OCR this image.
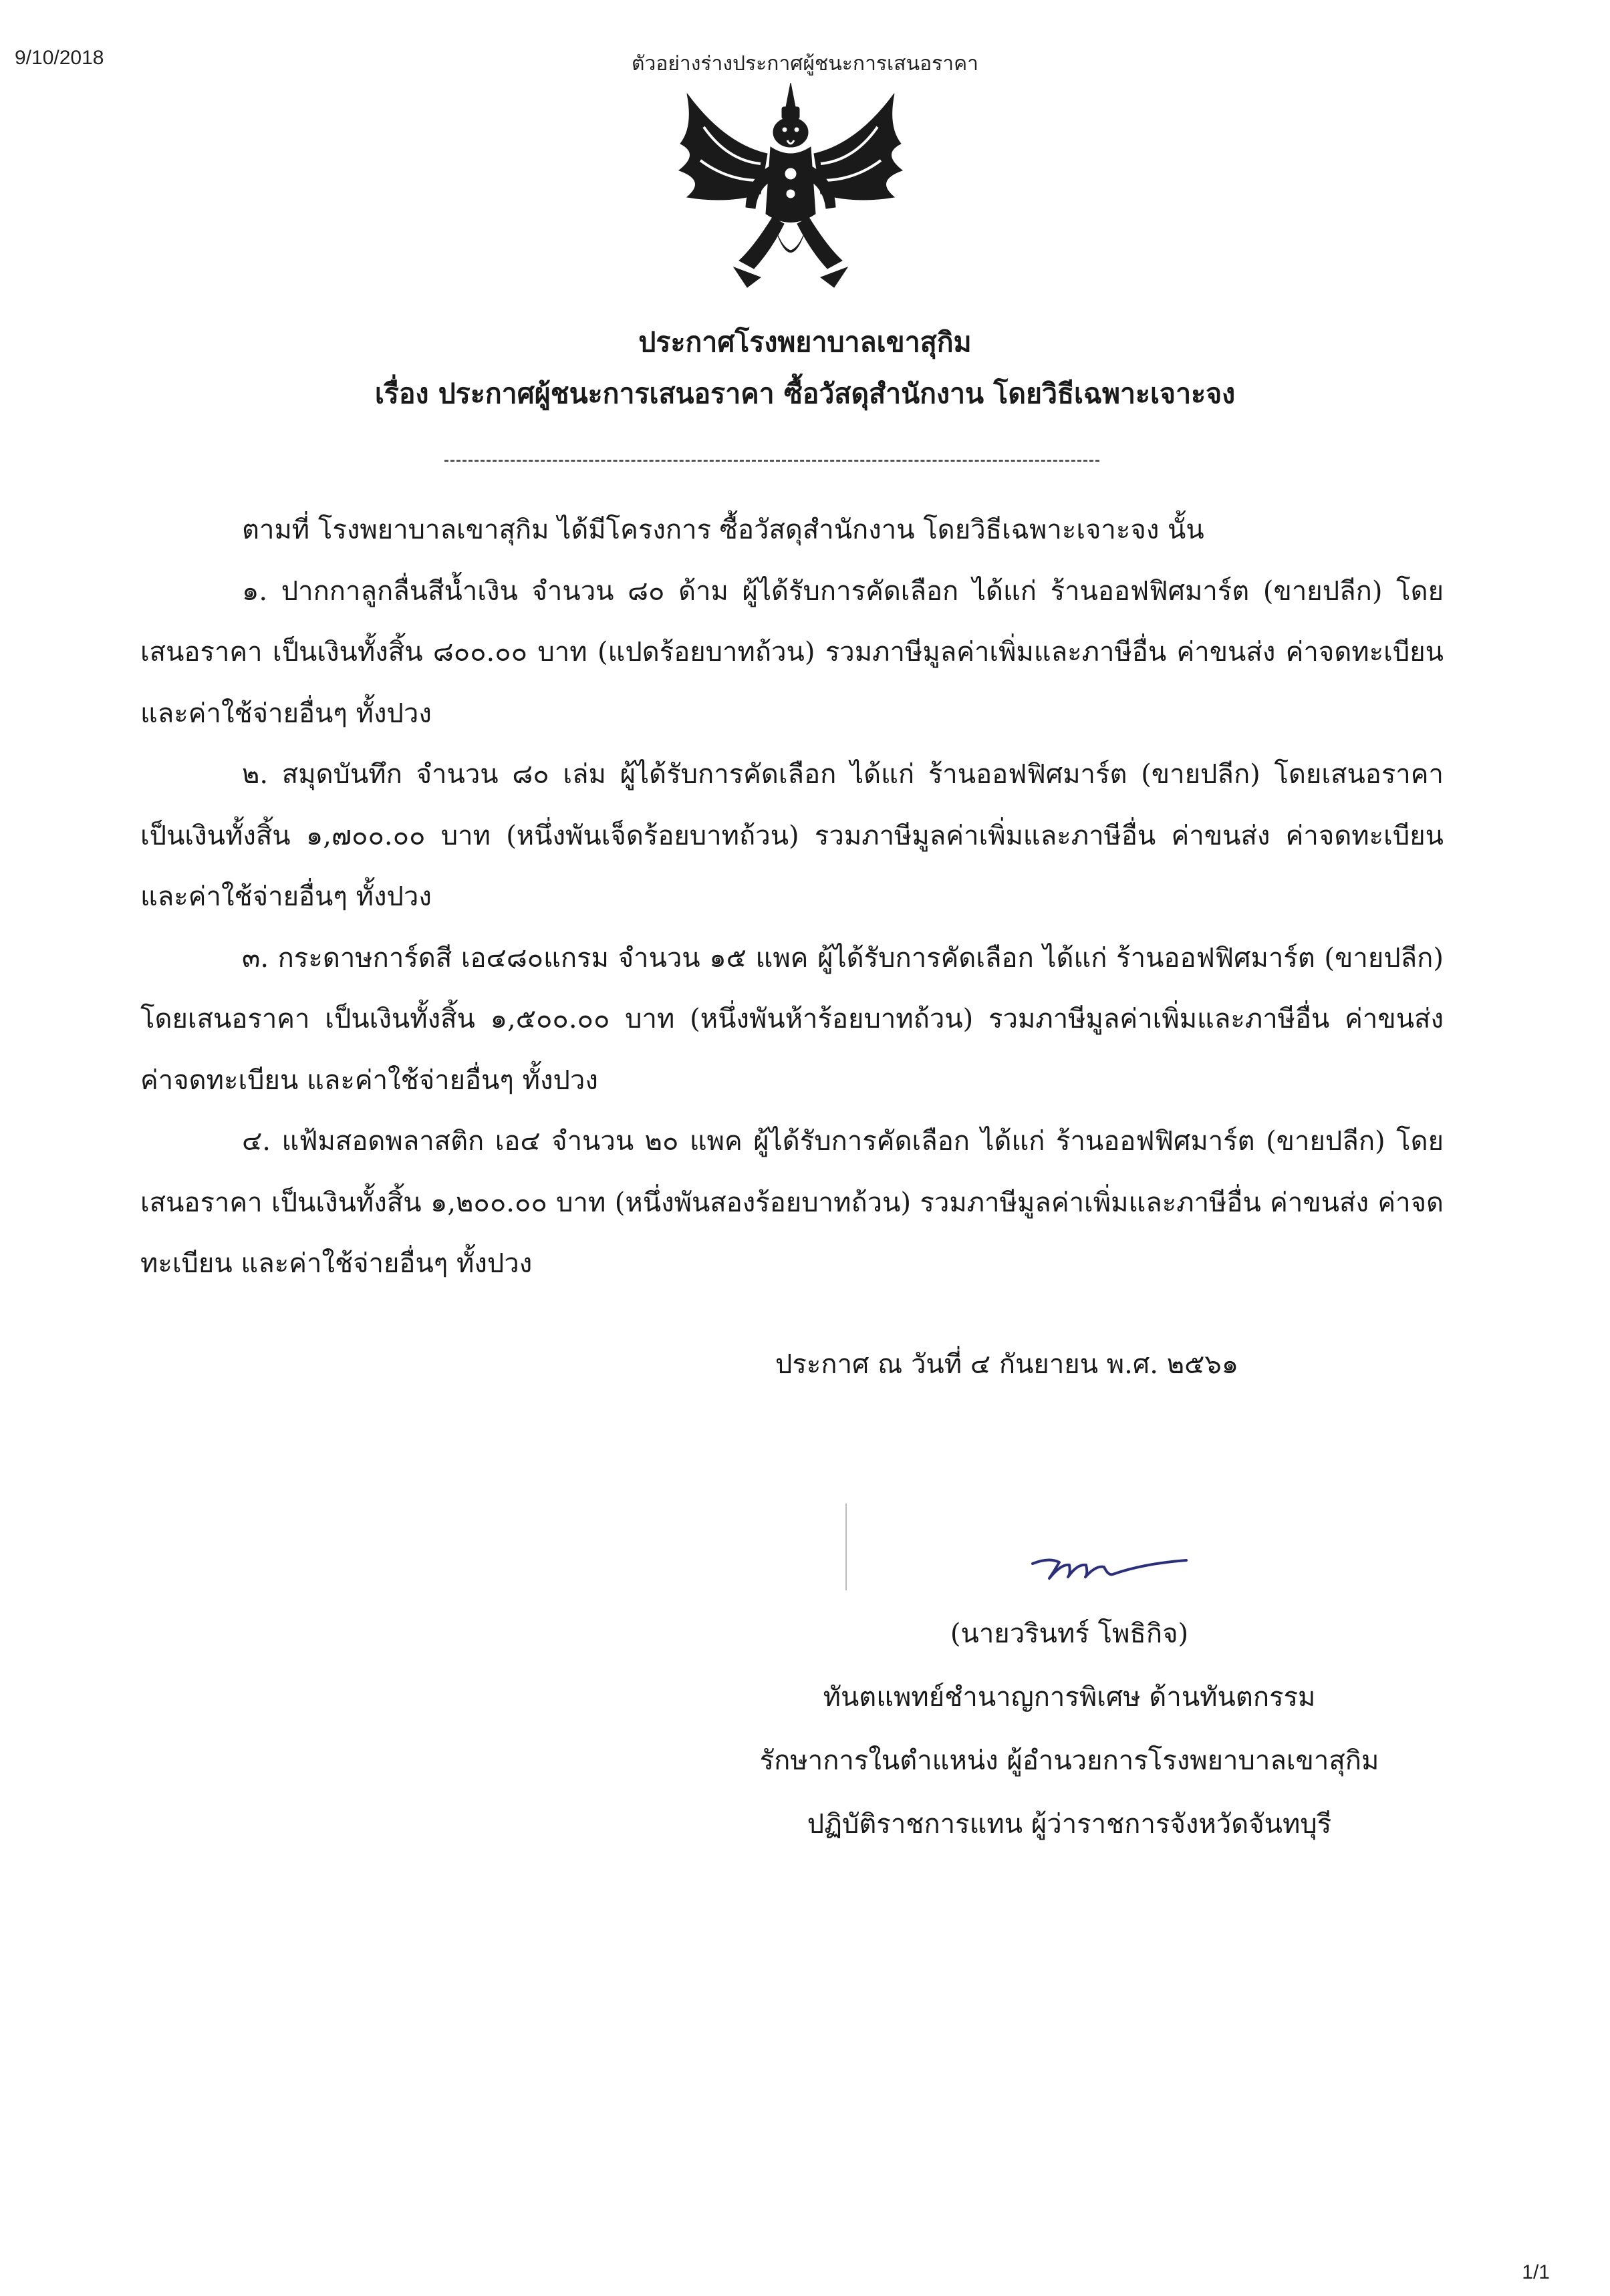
9/10/2018	ตัวอย่างร่างประกาศผู้ชนะการเสนอราคา
ประกาศโรงพยาบาลเขาสุกิม
เรื่อง ประกาศผู้ชนะการเสนอราคา ซื้อวัสดุสำนักงาน โดยวิธีเฉพาะเจาะจง

ตามที่ โรงพยาบาลเขาสุกิม ได้มีโครงการ ซื้อวัสดุสำนักงาน โดยวิธีเฉพาะเจาะจง นั้น

๑. ปากกาลูกลื่นสีน้ำเงิน จำนวน ๘๐ ด้าม ผู้ได้รับการคัดเลือก ได้แก่ ร้านออฟฟิศมาร์ต (ขายปลีก) โดยเสนอราคา เป็นเงินทั้งสิ้น ๘๐๐.๐๐ บาท (แปดร้อยบาทถ้วน) รวมภาษีมูลค่าเพิ่มและภาษีอื่น ค่าขนส่ง ค่าจดทะเบียน และค่าใช้จ่ายอื่นๆ ทั้งปวง

๒. สมุดบันทึก จำนวน ๘๐ เล่ม ผู้ได้รับการคัดเลือก ได้แก่ ร้านออฟฟิศมาร์ต (ขายปลีก) โดยเสนอราคา เป็นเงินทั้งสิ้น ๑,๗๐๐.๐๐ บาท (หนึ่งพันเจ็ดร้อยบาทถ้วน) รวมภาษีมูลค่าเพิ่มและภาษีอื่น ค่าขนส่ง ค่าจดทะเบียน และค่าใช้จ่ายอื่นๆ ทั้งปวง

๓. กระดาษการ์ดสี เอ๔๘๐แกรม จำนวน ๑๕ แพค ผู้ได้รับการคัดเลือก ได้แก่ ร้านออฟฟิศมาร์ต (ขายปลีก) โดยเสนอราคา เป็นเงินทั้งสิ้น ๑,๕๐๐.๐๐ บาท (หนึ่งพันห้าร้อยบาทถ้วน) รวมภาษีมูลค่าเพิ่มและภาษีอื่น ค่าขนส่ง ค่าจดทะเบียน และค่าใช้จ่ายอื่นๆ ทั้งปวง

๔. แฟ้มสอดพลาสติก เอ๔ จำนวน ๒๐ แพค ผู้ได้รับการคัดเลือก ได้แก่ ร้านออฟฟิศมาร์ต (ขายปลีก) โดยเสนอราคา เป็นเงินทั้งสิ้น ๑,๒๐๐.๐๐ บาท (หนึ่งพันสองร้อยบาทถ้วน) รวมภาษีมูลค่าเพิ่มและภาษีอื่น ค่าขนส่ง ค่าจดทะเบียน และค่าใช้จ่ายอื่นๆ ทั้งปวง

ประกาศ ณ วันที่ ๔ กันยายน พ.ศ. ๒๕๖๑
(นายวรินทร์ โพธิกิจ)
ทันตแพทย์ชำนาญการพิเศษ ด้านทันตกรรม
รักษาการในตำแหน่ง ผู้อำนวยการโรงพยาบาลเขาสุกิม
ปฏิบัติราชการแทน ผู้ว่าราชการจังหวัดจันทบุรี
1/1
